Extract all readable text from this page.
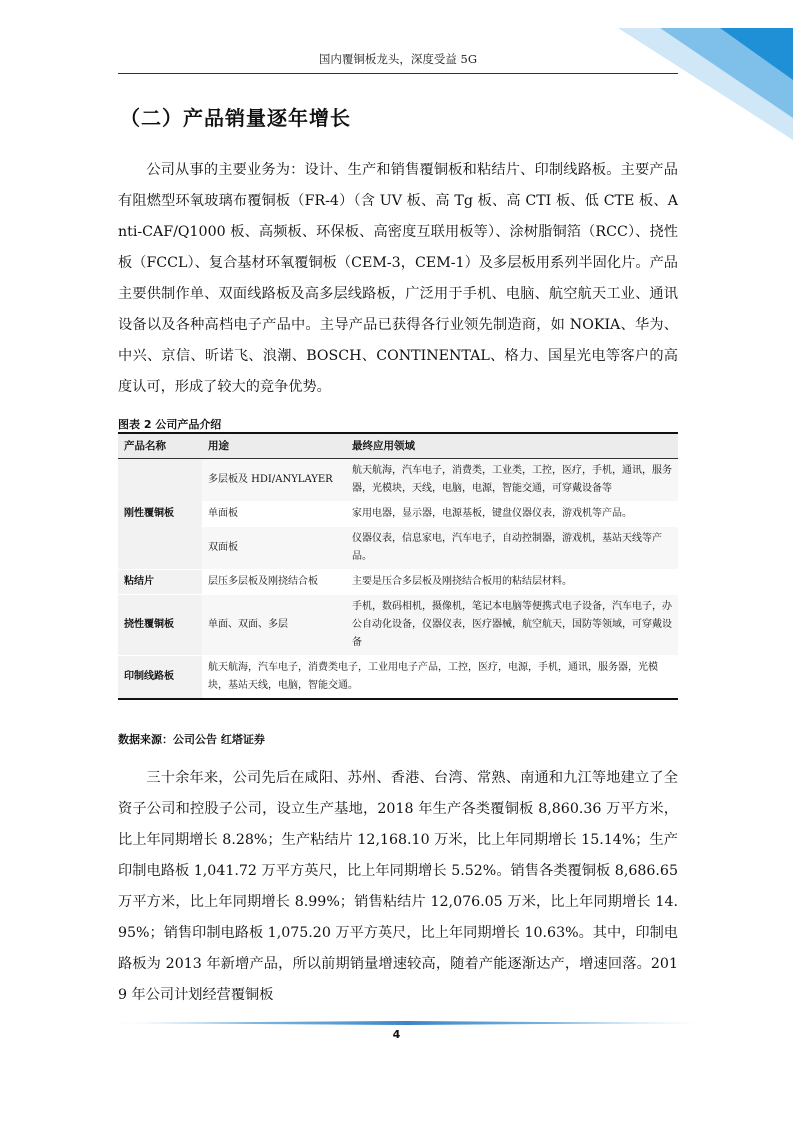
国内覆铜板龙头，深度受益 5G
（二）产品销量逐年增长

公司从事的主要业务为：设计、生产和销售覆铜板和粘结片、印制线路板。主要产品有阻燃型环氧玻璃布覆铜板（FR-4）（含 UV 板、高 Tg 板、高 CTI 板、低 CTE 板、Anti-CAF/Q1000 板、高频板、环保板、高密度互联用板等）、涂树脂铜箔（RCC）、挠性板（FCCL）、复合基材环氧覆铜板（CEM-3，CEM-1）及多层板用系列半固化片。产品主要供制作单、双面线路板及高多层线路板，广泛用于手机、电脑、航空航天工业、通讯设备以及各种高档电子产品中。主导产品已获得各行业领先制造商，如 NOKIA、华为、中兴、京信、昕诺飞、浪潮、BOSCH、CONTINENTAL、格力、国星光电等客户的高度认可，形成了较大的竞争优势。

图表 2 公司产品介绍
产品名称	用途	最终应用领域
刚性覆铜板	多层板及 HDI/ANYLAYER	航天航海，汽车电子，消费类，工业类，工控，医疗，手机，通讯，服务器，光模块，天线，电脑，电源，智能交通，可穿戴设备等
	单面板	家用电器，显示器，电源基板，键盘仪器仪表，游戏机等产品。
	双面板	仪器仪表，信息家电，汽车电子，自动控制器，游戏机，基站天线等产品。
粘结片	层压多层板及刚挠结合板	主要是压合多层板及刚挠结合板用的粘结层材料。
挠性覆铜板	单面、双面、多层	手机，数码相机，摄像机，笔记本电脑等便携式电子设备，汽车电子，办公自动化设备，仪器仪表，医疗器械，航空航天，国防等领域，可穿戴设备
印制线路板	航天航海，汽车电子，消费类电子，工业用电子产品，工控，医疗，电源，手机，通讯，服务器，光模块，基站天线，电脑，智能交通。	
数据来源：公司公告 红塔证券

三十余年来，公司先后在咸阳、苏州、香港、台湾、常熟、南通和九江等地建立了全资子公司和控股子公司，设立生产基地，2018 年生产各类覆铜板 8,860.36 万平方米，比上年同期增长 8.28%；生产粘结片 12,168.10 万米，比上年同期增长 15.14%；生产印制电路板 1,041.72 万平方英尺，比上年同期增长 5.52%。销售各类覆铜板 8,686.65 万平方米，比上年同期增长 8.99%；销售粘结片 12,076.05 万米，比上年同期增长 14.95%；销售印制电路板 1,075.20 万平方英尺，比上年同期增长 10.63%。其中，印制电路板为 2013 年新增产品，所以前期销量增速较高，随着产能逐渐达产，增速回落。2019 年公司计划经营覆铜板

4
